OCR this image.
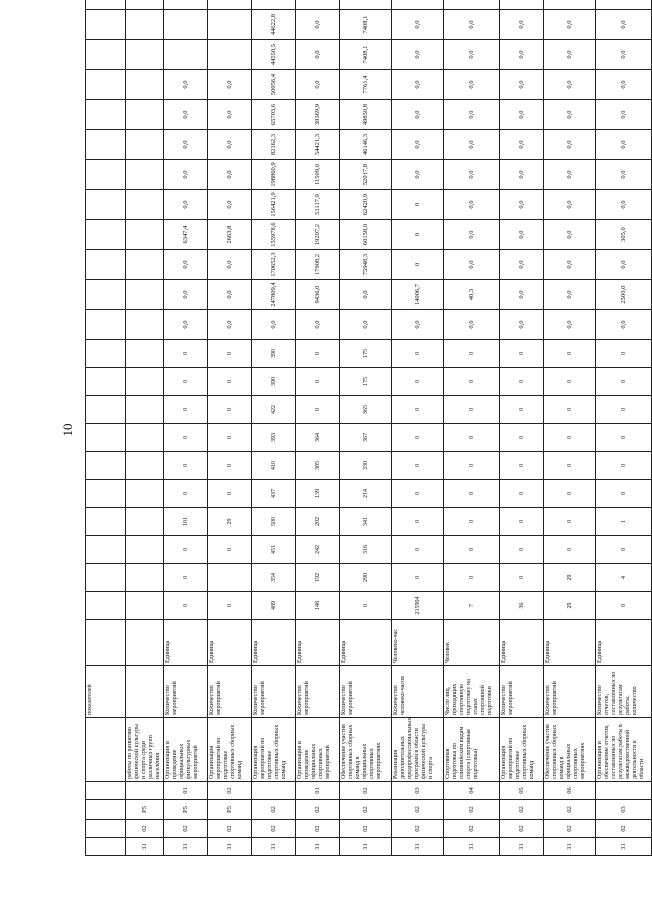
10
					показателей																									
31	02	P5		работы по развитию физической культуры и спорта среди различных групп населения																										
31	02	P5	01	Организация и проведение официальных физкультурных мероприятий	Количество мероприятий	Единица	0	0	0	101	0	0	0	0	0	0	0,0	0,0	0,0	6347,4	0,0	0,0	0,0	0,0	0,0					
31	02	P5	02	Организация мероприятий по подготовке спортивных сборных команд	Количество мероприятий	Единица	0		0	29	0	0	0	0	0	0	0,0	0,0	0,0	2663,8	0,0	0,0	0,0	0,0	0,0					
31	02	02		Организация мероприятий по подготовке спортивных сборных команд	Количество мероприятий	Единица	489	354	451	500	437	410	393	422	390	390	0,0	247809,4	170652,3	155978,6	156421,9	198860,9	82162,3	65703,6	50056,4	44550,5	44622,8			
31	02	02	01	Организация и проведение официальных спортивных мероприятий	Количество мероприятий	Единица	148	192	242	202	139	305	364	0	0	0	0,0	9436,0	17908,2	19207,2	51117,9	11509,0	54421,3	39369,9	0,0	0,0	0,0			
31	02	02	02	Обеспечение участия спортивных сборных команд в официальных спортивных мероприятиях	Количество мероприятий	Единица	0	290	316	341	214	330	367	365	175	175	0,0	0,0	75948,3	60158,0	62420,9	52017,8	46146,3	49850,8	7761,4	7408,1	7408,1			
31	02	02	03	Реализация дополнительных предпрофессиональных программ в области физической культуры и спорта	Количество человеко-часов	Человеко-час	215904	0	0	0	0	0	0	0	0	0	0,0	14006,7	0	0	0	0,0	0,0	0,0	0,0	0,0	0,0			
31	02	02	04	Спортивная подготовка по олимпийским видам спорта (спортивная подготовка)	Число лиц, проходящих спортивную подготовку на этапах спортивной подготовки	Человек	7	0	0	0	0	0	0	0	0	0	0,0	40,3	0,0	0,0	0,0	0,0	0,0	0,0	0,0	0,0	0,0			
31	02	02	05	Организация мероприятий по подготовке спортивных сборных команд	Количество мероприятий	Единица	36	0	0	0	0	0	0	0	0	0	0,0	0,0	0,0	0,0	0,0	0,0	0,0	0,0	0,0	0,0	0,0			
31	02	02	06	Обеспечение участия спортивных сборных команд в официальных спортивных мероприятиях	Количество мероприятий	Единица	29	29	0	0	0	0	0	0	0	0	0,0	0,0	0,0	0,0	0,0	0,0	0,0	0,0	0,0	0,0	0,0			
31	02	03		Организация и обеспечение отчетов, составленных по результатам работы в межведомственной деятельности в области	Количество отчетов, составленных по результатам работы, количество	Единица	0	4	0	1	0	0	0	0	0	0	0,0	2500,0	0,0	305,0	0,0	0,0	0,0	0,0	0,0	0,0	0,0			
